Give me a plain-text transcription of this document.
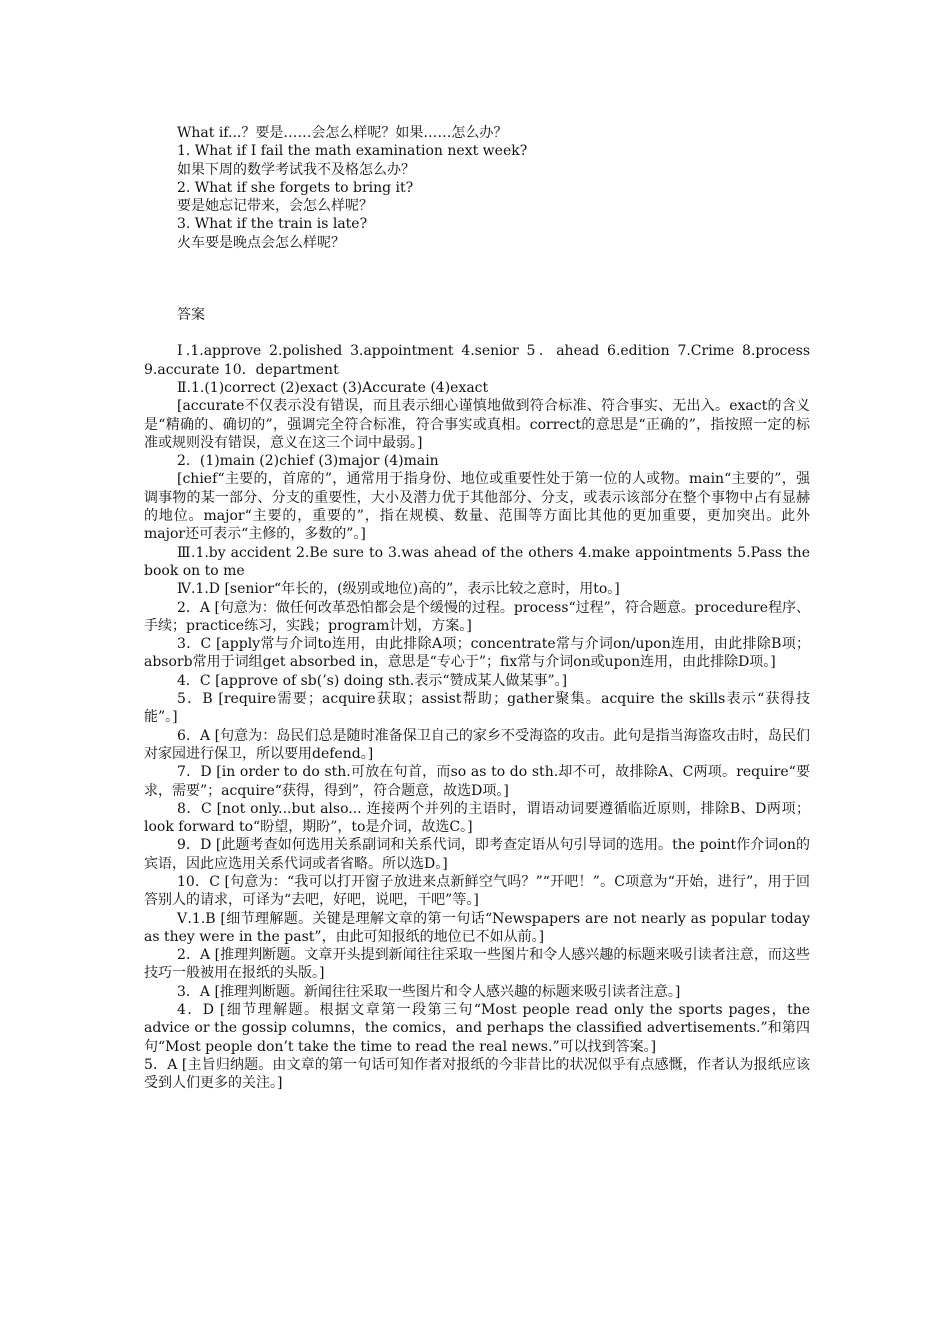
What if...？要是……会怎么样呢？如果……怎么办？

1. What if I fail the math examination next week?

如果下周的数学考试我不及格怎么办？

2. What if she forgets to bring it?

要是她忘记带来，会怎么样呢？

3. What if the train is late?

火车要是晚点会怎么样呢？

答案

Ⅰ.1.approve 2.polished 3.appointment 4.senior 5．ahead 6.edition 7.Crime 8.process 9.accurate 10．department

Ⅱ.1.(1)correct (2)exact (3)Accurate (4)exact

[accurate不仅表示没有错误，而且表示细心谨慎地做到符合标准、符合事实、无出入。exact的含义是“精确的、确切的”，强调完全符合标准，符合事实或真相。correct的意思是“正确的”，指按照一定的标准或规则没有错误，意义在这三个词中最弱。]

2．(1)main (2)chief (3)major (4)main

[chief“主要的，首席的”，通常用于指身份、地位或重要性处于第一位的人或物。main“主要的”，强调事物的某一部分、分支的重要性，大小及潜力优于其他部分、分支，或表示该部分在整个事物中占有显赫的地位。major“主要的，重要的”，指在规模、数量、范围等方面比其他的更加重要，更加突出。此外major还可表示“主修的，多数的”。]

Ⅲ.1.by accident 2.Be sure to 3.was ahead of the others 4.make appointments 5.Pass the book on to me

Ⅳ.1.D [senior“年长的，(级别或地位)高的”，表示比较之意时，用to。]

2．A [句意为：做任何改革恐怕都会是个缓慢的过程。process“过程”，符合题意。procedure程序、手续；practice练习，实践；program计划，方案。]

3．C [apply常与介词to连用，由此排除A项；concentrate常与介词on/upon连用，由此排除B项；absorb常用于词组get absorbed in，意思是“专心于”；fix常与介词on或upon连用，由此排除D项。]

4．C [approve of sb(’s) doing sth.表示“赞成某人做某事”。]

5．B [require需要；acquire获取；assist帮助；gather聚集。acquire the skills表示“获得技能”。]

6．A [句意为：岛民们总是随时准备保卫自己的家乡不受海盗的攻击。此句是指当海盗攻击时，岛民们对家园进行保卫，所以要用defend。]

7．D [in order to do sth.可放在句首，而so as to do sth.却不可，故排除A、C两项。require“要求，需要”；acquire“获得，得到”，符合题意，故选D项。]

8．C [not only...but also... 连接两个并列的主语时，谓语动词要遵循临近原则，排除B、D两项；look forward to“盼望，期盼”，to是介词，故选C。]

9．D [此题考查如何选用关系副词和关系代词，即考查定语从句引导词的选用。the point作介词on的宾语，因此应选用关系代词或者省略。所以选D。]

10．C [句意为：“我可以打开窗子放进来点新鲜空气吗？”“开吧！”。C项意为“开始，进行”，用于回答别人的请求，可译为“去吧，好吧，说吧，干吧”等。]

Ⅴ.1.B [细节理解题。关键是理解文章的第一句话“Newspapers are not nearly as popular today as they were in the past”，由此可知报纸的地位已不如从前。]

2．A [推理判断题。文章开头提到新闻往往采取一些图片和令人感兴趣的标题来吸引读者注意，而这些技巧一般被用在报纸的头版。]

3．A [推理判断题。新闻往往采取一些图片和令人感兴趣的标题来吸引读者注意。]

4．D [细节理解题。根据文章第一段第三句“Most people read only the sports pages，the advice or the gossip columns，the comics，and perhaps the classified advertisements.”和第四句“Most people don’t take the time to read the real news.”可以找到答案。]

5．A [主旨归纳题。由文章的第一句话可知作者对报纸的今非昔比的状况似乎有点感慨，作者认为报纸应该受到人们更多的关注。]
